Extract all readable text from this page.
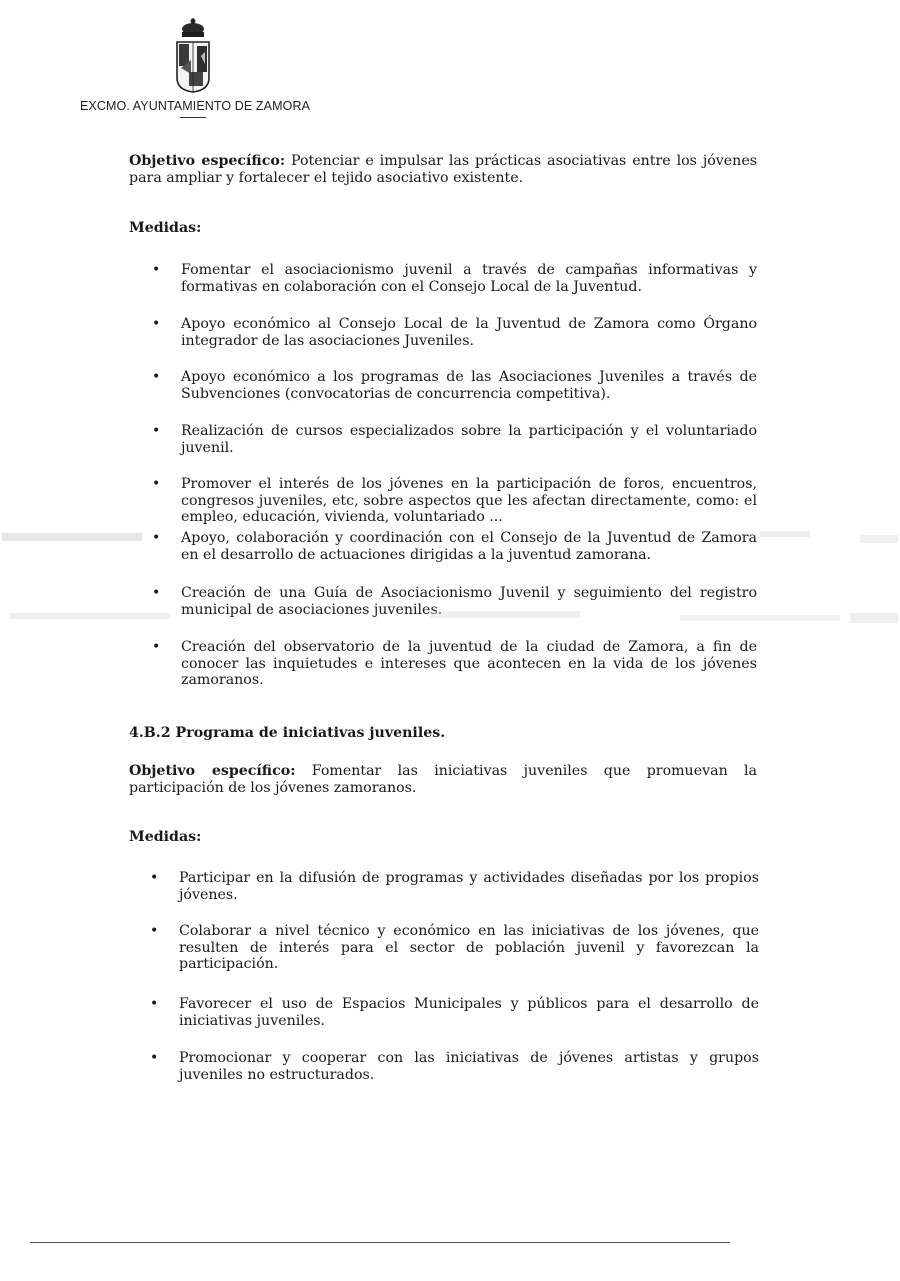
EXCMO. AYUNTAMIENTO DE ZAMORA
Objetivo específico: Potenciar e impulsar las prácticas asociativas entre los jóvenes para ampliar y fortalecer el tejido asociativo existente.
Medidas:
• Fomentar el asociacionismo juvenil a través de campañas informativas y formativas en colaboración con el Consejo Local de la Juventud.
• Apoyo económico al Consejo Local de la Juventud de Zamora como Órgano integrador de las asociaciones Juveniles.
• Apoyo económico a los programas de las Asociaciones Juveniles a través de Subvenciones (convocatorias de concurrencia competitiva).
• Realización de cursos especializados sobre la participación y el voluntariado juvenil.
• Promover el interés de los jóvenes en la participación de foros, encuentros, congresos juveniles, etc, sobre aspectos que les afectan directamente, como: el empleo, educación, vivienda, voluntariado ...
• Apoyo, colaboración y coordinación con el Consejo de la Juventud de Zamora en el desarrollo de actuaciones dirigidas a la juventud zamorana.
• Creación de una Guía de Asociacionismo Juvenil y seguimiento del registro municipal de asociaciones juveniles.
• Creación del observatorio de la juventud de la ciudad de Zamora, a fin de conocer las inquietudes e intereses que acontecen en la vida de los jóvenes zamoranos.
4.B.2 Programa de iniciativas juveniles.
Objetivo específico: Fomentar las iniciativas juveniles que promuevan la participación de los jóvenes zamoranos.
Medidas:
• Participar en la difusión de programas y actividades diseñadas por los propios jóvenes.
• Colaborar a nivel técnico y económico en las iniciativas de los jóvenes, que resulten de interés para el sector de población juvenil y favorezcan la participación.
• Favorecer el uso de Espacios Municipales y públicos para el desarrollo de iniciativas juveniles.
• Promocionar y cooperar con las iniciativas de jóvenes artistas y grupos juveniles no estructurados.
